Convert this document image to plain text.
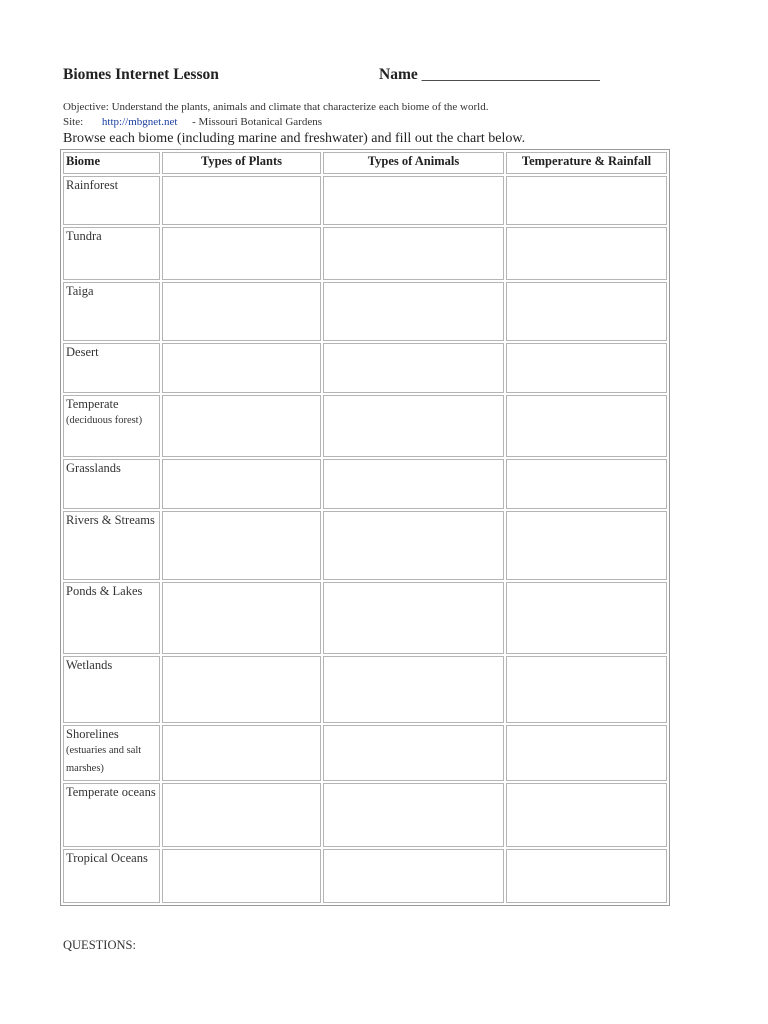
Biomes Internet Lesson	Name _______________________
Objective: Understand the plants, animals and climate that characterize each biome of the world.
Site: http://mbgnet.net - Missouri Botanical Gardens
Browse each biome (including marine and freshwater) and fill out the chart below.
Biome	Types of Plants	Types of Animals	Temperature & Rainfall
Rainforest			
Tundra			
Taiga			
Desert			
Temperate
(deciduous forest)			

Grasslands			
Rivers & Streams			
Ponds & Lakes			
Wetlands			
Shorelines
(estuaries and salt marshes)			

Temperate oceans			
Tropical Oceans			
QUESTIONS:
